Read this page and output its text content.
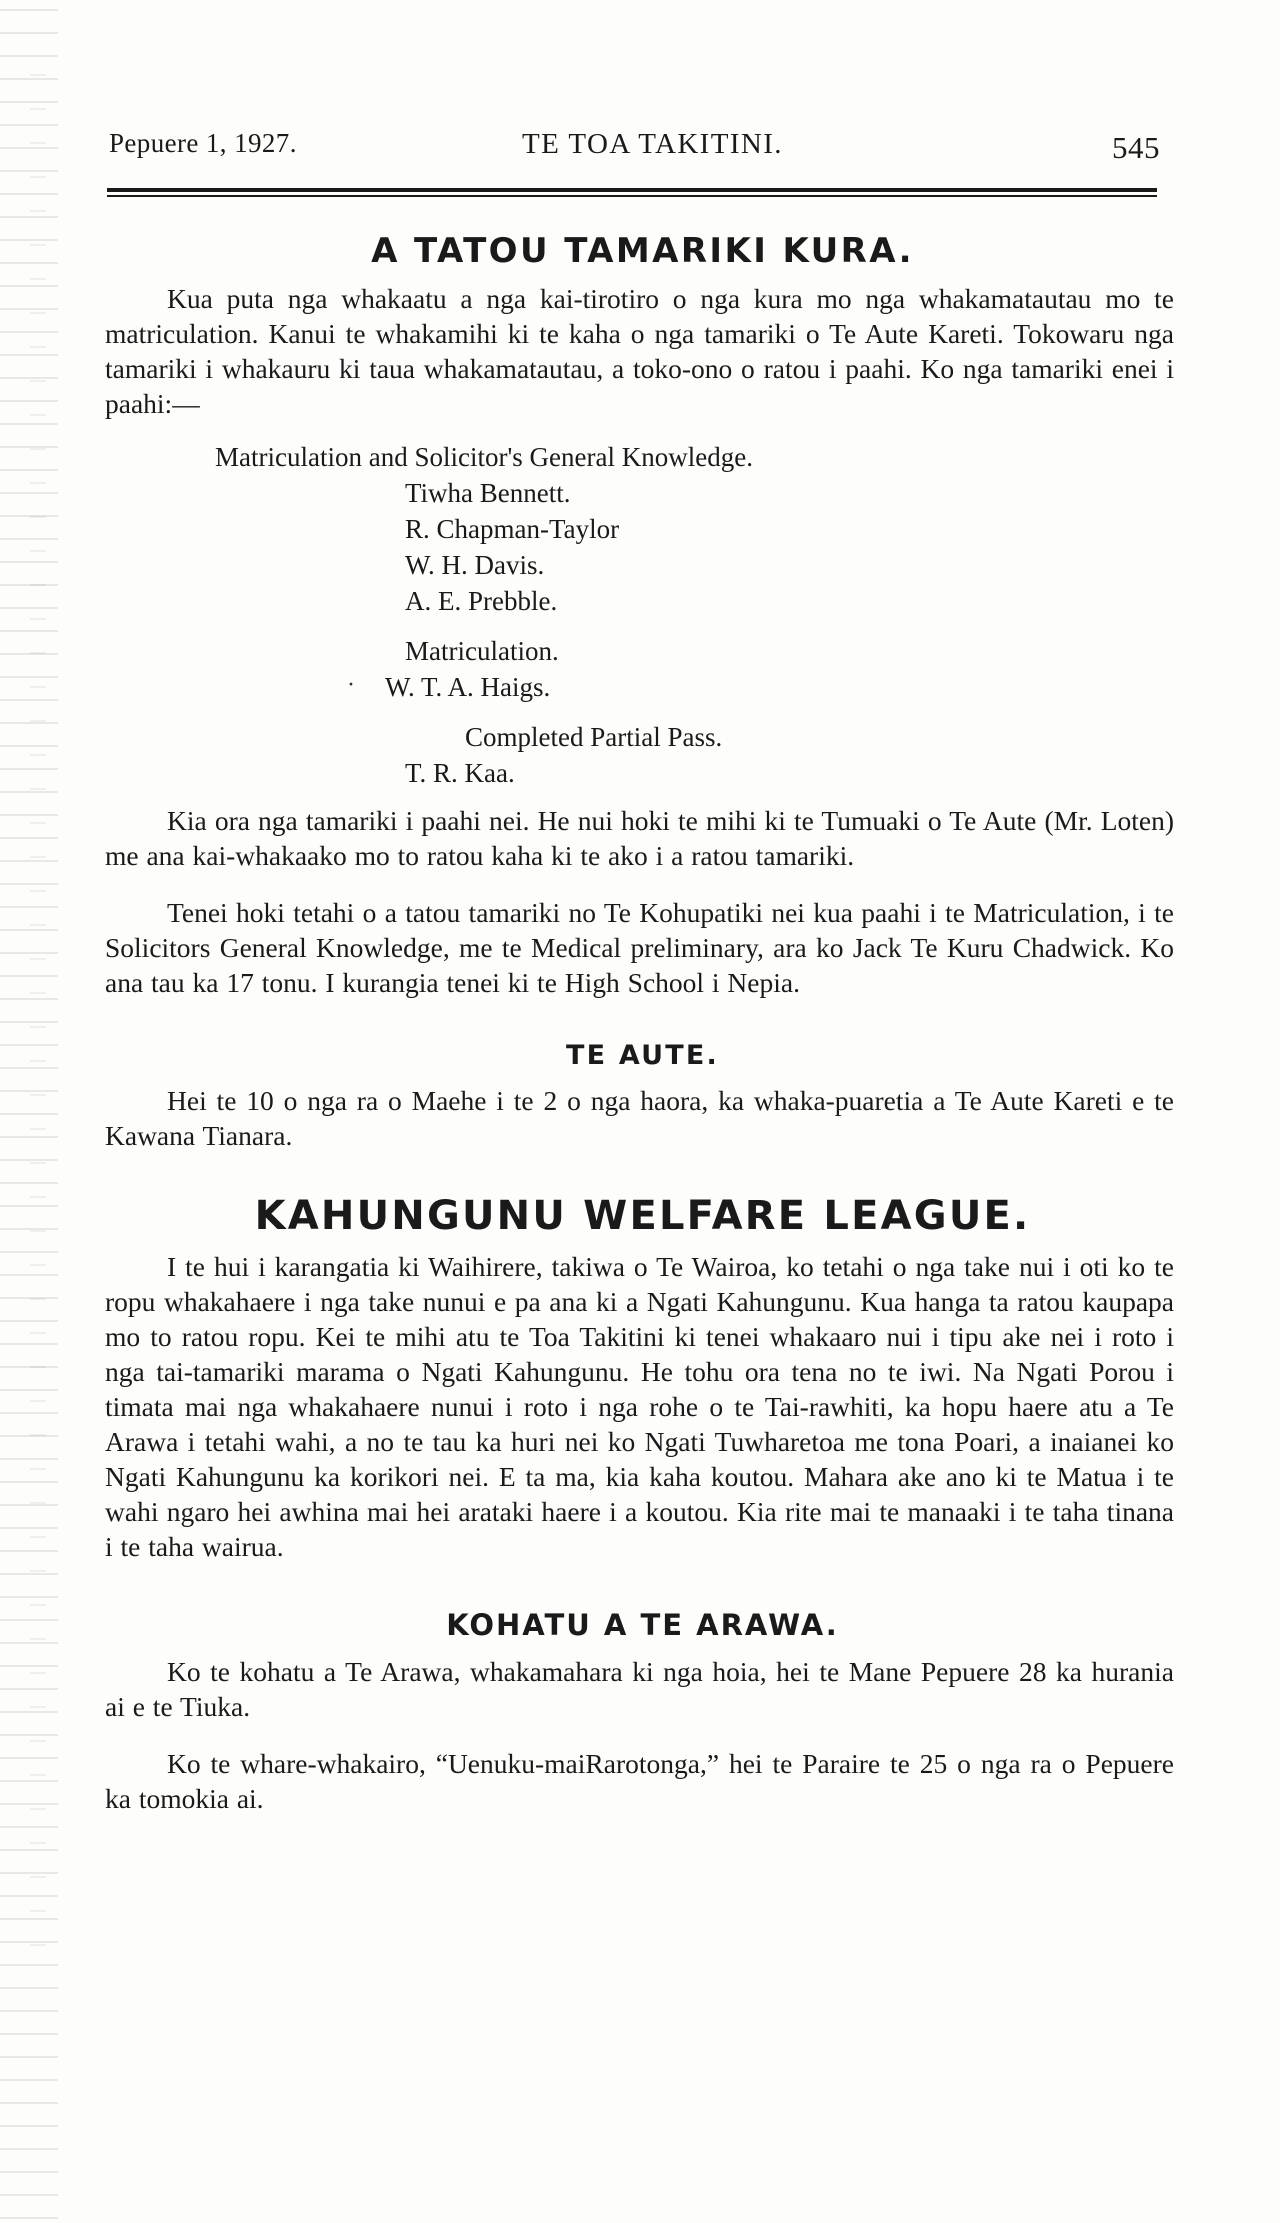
Pepuere 1, 1927.	TE TOA TAKITINI.	545
A TATOU TAMARIKI KURA.

Kua puta nga whakaatu a nga kai-tirotiro o nga kura mo nga whakamatautau mo te matriculation. Kanui te whakamihi ki te kaha o nga tamariki o Te Aute Kareti. Tokowaru nga tamariki i whakauru ki taua whakamatautau, a toko-ono o ratou i paahi. Ko nga tamariki enei i paahi:—

Matriculation and Solicitor's General Knowledge.
Tiwha Bennett.
R. Chapman-Taylor
W. H. Davis.
A. E. Prebble.
Matriculation.
· W. T. A. Haigs.
Completed Partial Pass.
T. R. Kaa.

Kia ora nga tamariki i paahi nei. He nui hoki te mihi ki te Tumuaki o Te Aute (Mr. Loten) me ana kai-whakaako mo to ratou kaha ki te ako i a ratou tamariki.

Tenei hoki tetahi o a tatou tamariki no Te Kohupatiki nei kua paahi i te Matriculation, i te Solicitors General Knowledge, me te Medical preliminary, ara ko Jack Te Kuru Chadwick. Ko ana tau ka 17 tonu. I kurangia tenei ki te High School i Nepia.

TE AUTE.

Hei te 10 o nga ra o Maehe i te 2 o nga haora, ka whaka-puaretia a Te Aute Kareti e te Kawana Tianara.

KAHUNGUNU WELFARE LEAGUE.

I te hui i karangatia ki Waihirere, takiwa o Te Wairoa, ko tetahi o nga take nui i oti ko te ropu whakahaere i nga take nunui e pa ana ki a Ngati Kahungunu. Kua hanga ta ratou kaupapa mo to ratou ropu. Kei te mihi atu te Toa Takitini ki tenei whakaaro nui i tipu ake nei i roto i nga tai-tamariki marama o Ngati Kahungunu. He tohu ora tena no te iwi. Na Ngati Porou i timata mai nga whakahaere nunui i roto i nga rohe o te Tai-rawhiti, ka hopu haere atu a Te Arawa i tetahi wahi, a no te tau ka huri nei ko Ngati Tuwharetoa me tona Poari, a inaianei ko Ngati Kahungunu ka korikori nei. E ta ma, kia kaha koutou. Mahara ake ano ki te Matua i te wahi ngaro hei awhina mai hei arataki haere i a koutou. Kia rite mai te manaaki i te taha tinana i te taha wairua.

KOHATU A TE ARAWA.

Ko te kohatu a Te Arawa, whakamahara ki nga hoia, hei te Mane Pepuere 28 ka hurania ai e te Tiuka.

Ko te whare-whakairo, “Uenuku-maiRarotonga,” hei te Paraire te 25 o nga ra o Pepuere ka tomokia ai.
